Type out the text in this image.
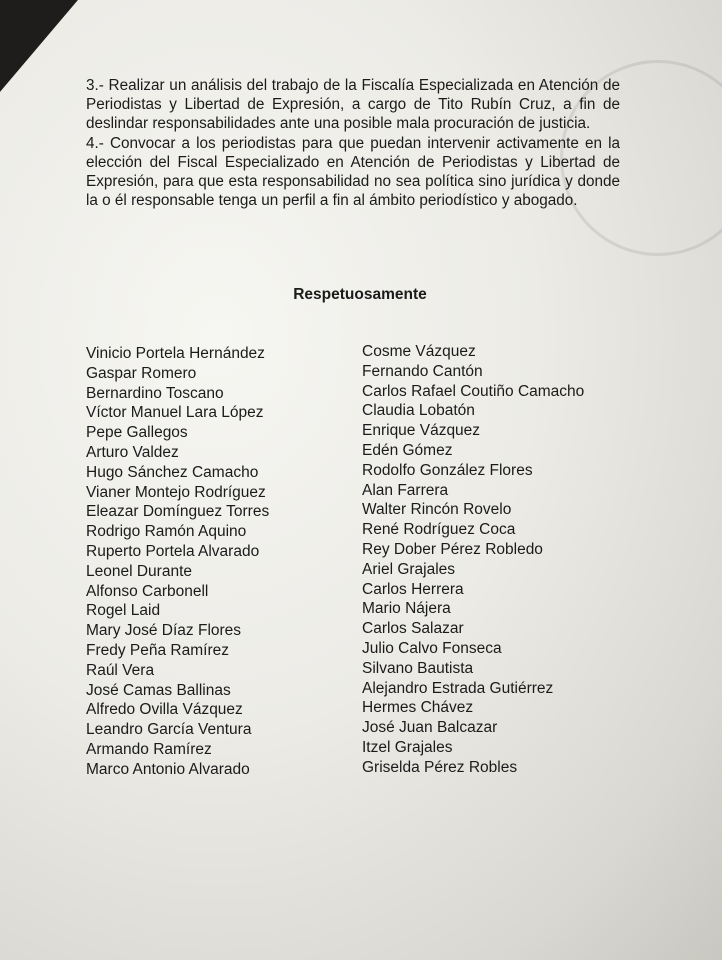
3.- Realizar un análisis del trabajo de la Fiscalía Especializada en Atención de Periodistas y Libertad de Expresión, a cargo de Tito Rubín Cruz, a fin de deslindar responsabilidades ante una posible mala procuración de justicia.

4.- Convocar a los periodistas para que puedan intervenir activamente en la elección del Fiscal Especializado en Atención de Periodistas y Libertad de Expresión, para que esta responsabilidad no sea política sino jurídica y donde la o él responsable tenga un perfil a fin al ámbito periodístico y abogado.

Respetuosamente
Vinicio Portela Hernández
Gaspar Romero
Bernardino Toscano
Víctor Manuel Lara López
Pepe Gallegos
Arturo Valdez
Hugo Sánchez Camacho
Vianer Montejo Rodríguez
Eleazar Domínguez Torres
Rodrigo Ramón Aquino
Ruperto Portela Alvarado
Leonel Durante
Alfonso Carbonell
Rogel Laid
Mary José Díaz Flores
Fredy Peña Ramírez
Raúl Vera
José Camas Ballinas
Alfredo Ovilla Vázquez
Leandro García Ventura
Armando Ramírez
Marco Antonio Alvarado
Cosme Vázquez
Fernando Cantón
Carlos Rafael Coutiño Camacho
Claudia Lobatón
Enrique Vázquez
Edén Gómez
Rodolfo González Flores
Alan Farrera
Walter Rincón Rovelo
René Rodríguez Coca
Rey Dober Pérez Robledo
Ariel Grajales
Carlos Herrera
Mario Nájera
Carlos Salazar
Julio Calvo Fonseca
Silvano Bautista
Alejandro Estrada Gutiérrez
Hermes Chávez
José Juan Balcazar
Itzel Grajales
Griselda Pérez Robles
